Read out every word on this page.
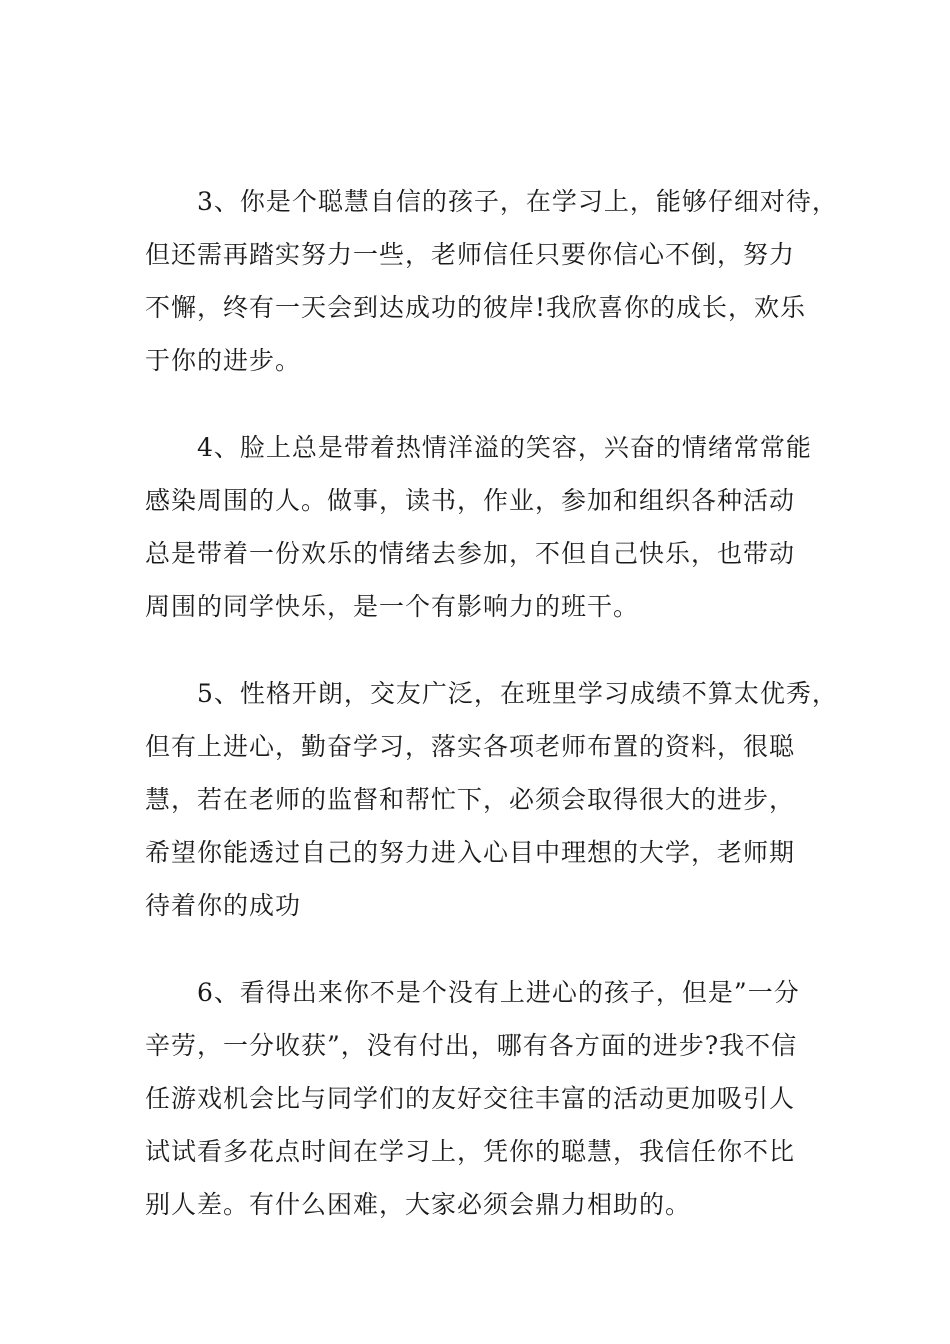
3、你是个聪慧自信的孩子，在学习上，能够仔细对待，
但还需再踏实努力一些，老师信任只要你信心不倒，努力
不懈，终有一天会到达成功的彼岸!我欣喜你的成长，欢乐
于你的进步。

4、脸上总是带着热情洋溢的笑容，兴奋的情绪常常能
感染周围的人。做事，读书，作业，参加和组织各种活动
总是带着一份欢乐的情绪去参加，不但自己快乐，也带动
周围的同学快乐，是一个有影响力的班干。

5、性格开朗，交友广泛，在班里学习成绩不算太优秀，
但有上进心，勤奋学习，落实各项老师布置的资料，很聪
慧，若在老师的监督和帮忙下，必须会取得很大的进步，
希望你能透过自己的努力进入心目中理想的大学，老师期
待着你的成功

6、看得出来你不是个没有上进心的孩子，但是”一分
辛劳，一分收获”，没有付出，哪有各方面的进步?我不信
任游戏机会比与同学们的友好交往丰富的活动更加吸引人
试试看多花点时间在学习上，凭你的聪慧，我信任你不比
别人差。有什么困难，大家必须会鼎力相助的。
